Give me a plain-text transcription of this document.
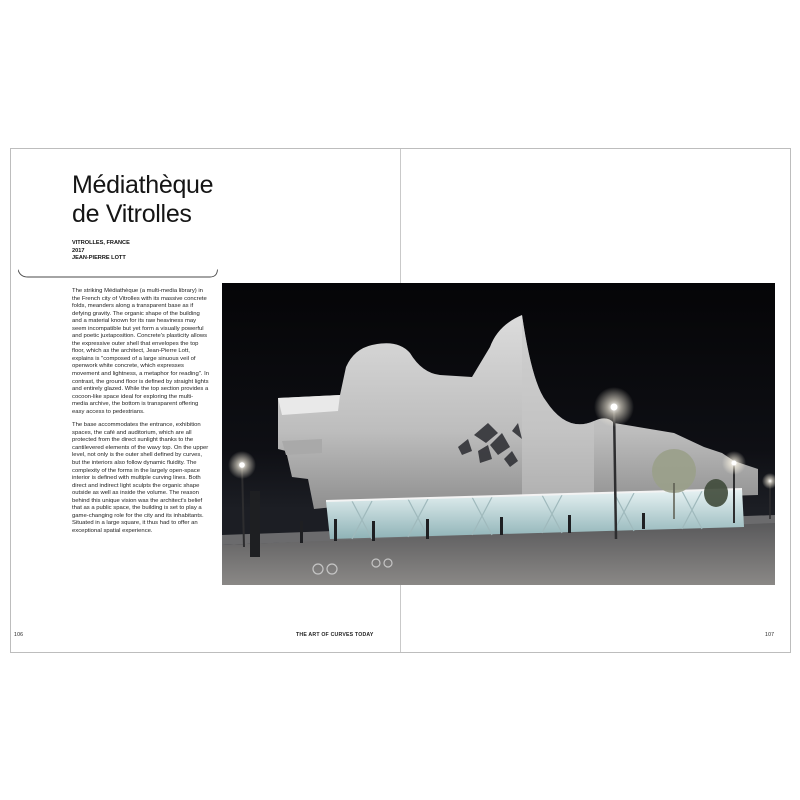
Médiathèque
de Vitrolles
VITROLLES, FRANCE
2017
JEAN-PIERRE LOTT

The striking Médiathèque (a multi-media library) in the French city of Vitrolles with its massive concrete folds, meanders along a transparent base as if defying gravity. The organic shape of the building and a material known for its raw heaviness may seem incompatible but yet form a visually powerful and poetic juxtaposition. Concrete's plasticity allows the expressive outer shell that envelopes the top floor, which as the architect, Jean-Pierre Lott, explains is "composed of a large sinuous veil of openwork white concrete, which expresses movement and lightness, a metaphor for reading". In contrast, the ground floor is defined by straight lights and entirely glazed. While the top section provides a cocoon-like space ideal for exploring the multi-media archive, the bottom is transparent offering easy access to pedestrians.

The base accommodates the entrance, exhibition spaces, the café and auditorium, which are all protected from the direct sunlight thanks to the cantilevered elements of the wavy top. On the upper level, not only is the outer shell defined by curves, but the interiors also follow dynamic fluidity. The complexity of the forms in the largely open-space interior is defined with multiple curving lines. Both direct and indirect light sculpts the organic shape outside as well as inside the volume. The reason behind this unique vision was the architect's belief that as a public space, the building is set to play a game-changing role for the city and its inhabitants. Situated in a large square, it thus had to offer an exceptional spatial experience.

106	THE ART OF CURVES TODAY	107
